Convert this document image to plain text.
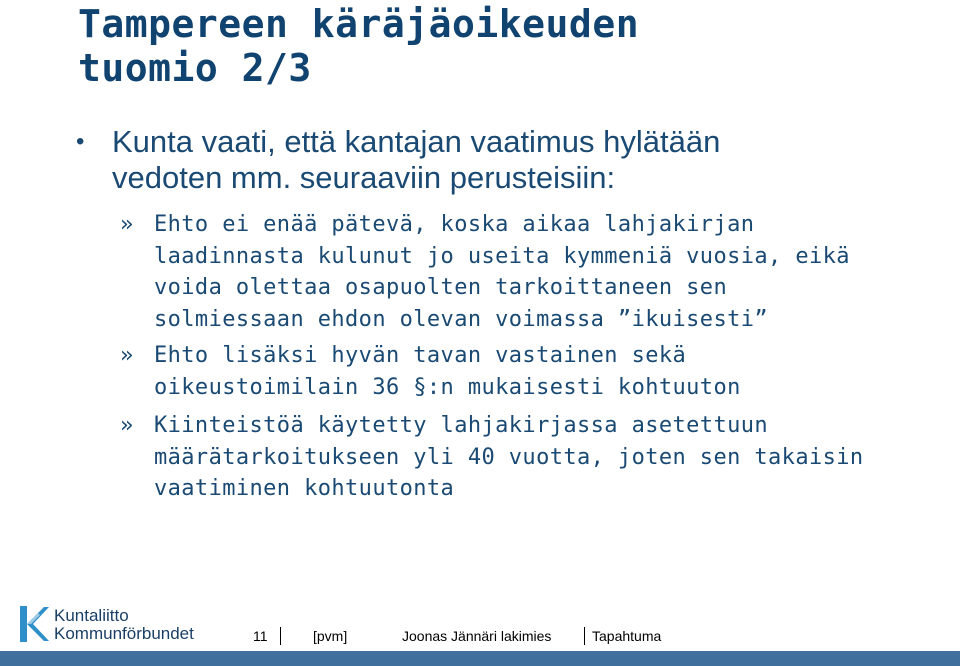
Tampereen käräjäoikeuden
tuomio 2/3
• Kunta vaati, että kantajan vaatimus hylätään
vedoten mm. seuraaviin perusteisiin:
» Ehto ei enää pätevä, koska aikaa lahjakirjan
laadinnasta kulunut jo useita kymmeniä vuosia, eikä
voida olettaa osapuolten tarkoittaneen sen
solmiessaan ehdon olevan voimassa ”ikuisesti”
» Ehto lisäksi hyvän tavan vastainen sekä
oikeustoimilain 36 §:n mukaisesti kohtuuton
» Kiinteistöä käytetty lahjakirjassa asetettuun
määrätarkoitukseen yli 40 vuotta, joten sen takaisin
vaatiminen kohtuutonta
Kuntaliitto
Kommunförbundet	11	[pvm]	Joonas Jännäri lakimies	Tapahtuma
